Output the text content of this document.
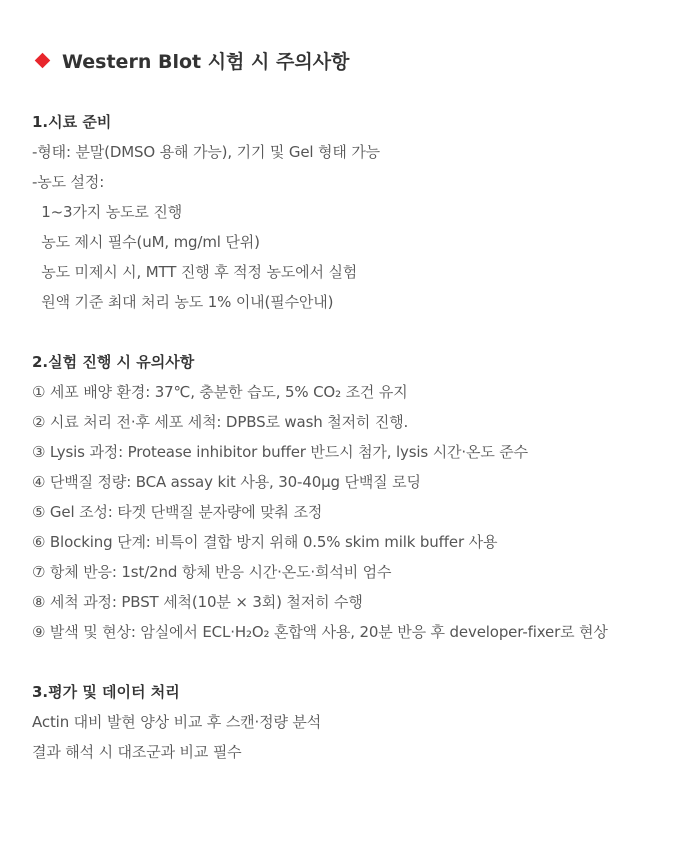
Western Blot 시험 시 주의사항
1.시료 준비
-형태: 분말(DMSO 용해 가능), 기기 및 Gel 형태 가능
-농도 설정:
1~3가지 농도로 진행
농도 제시 필수(uM, mg/ml 단위)
농도 미제시 시, MTT 진행 후 적정 농도에서 실험
원액 기준 최대 처리 농도 1% 이내(필수안내)
2.실험 진행 시 유의사항
① 세포 배양 환경: 37℃, 충분한 습도, 5% CO₂ 조건 유지
② 시료 처리 전·후 세포 세척: DPBS로 wash 철저히 진행.
③ Lysis 과정: Protease inhibitor buffer 반드시 첨가, lysis 시간·온도 준수
④ 단백질 정량: BCA assay kit 사용, 30-40μg 단백질 로딩
⑤ Gel 조성: 타겟 단백질 분자량에 맞춰 조정
⑥ Blocking 단계: 비특이 결합 방지 위해 0.5% skim milk buffer 사용
⑦ 항체 반응: 1st/2nd 항체 반응 시간·온도·희석비 엄수
⑧ 세척 과정: PBST 세척(10분 × 3회) 철저히 수행
⑨ 발색 및 현상: 암실에서 ECL·H₂O₂ 혼합액 사용, 20분 반응 후 developer-fixer로 현상
3.평가 및 데이터 처리
Actin 대비 발현 양상 비교 후 스캔·정량 분석
결과 해석 시 대조군과 비교 필수
